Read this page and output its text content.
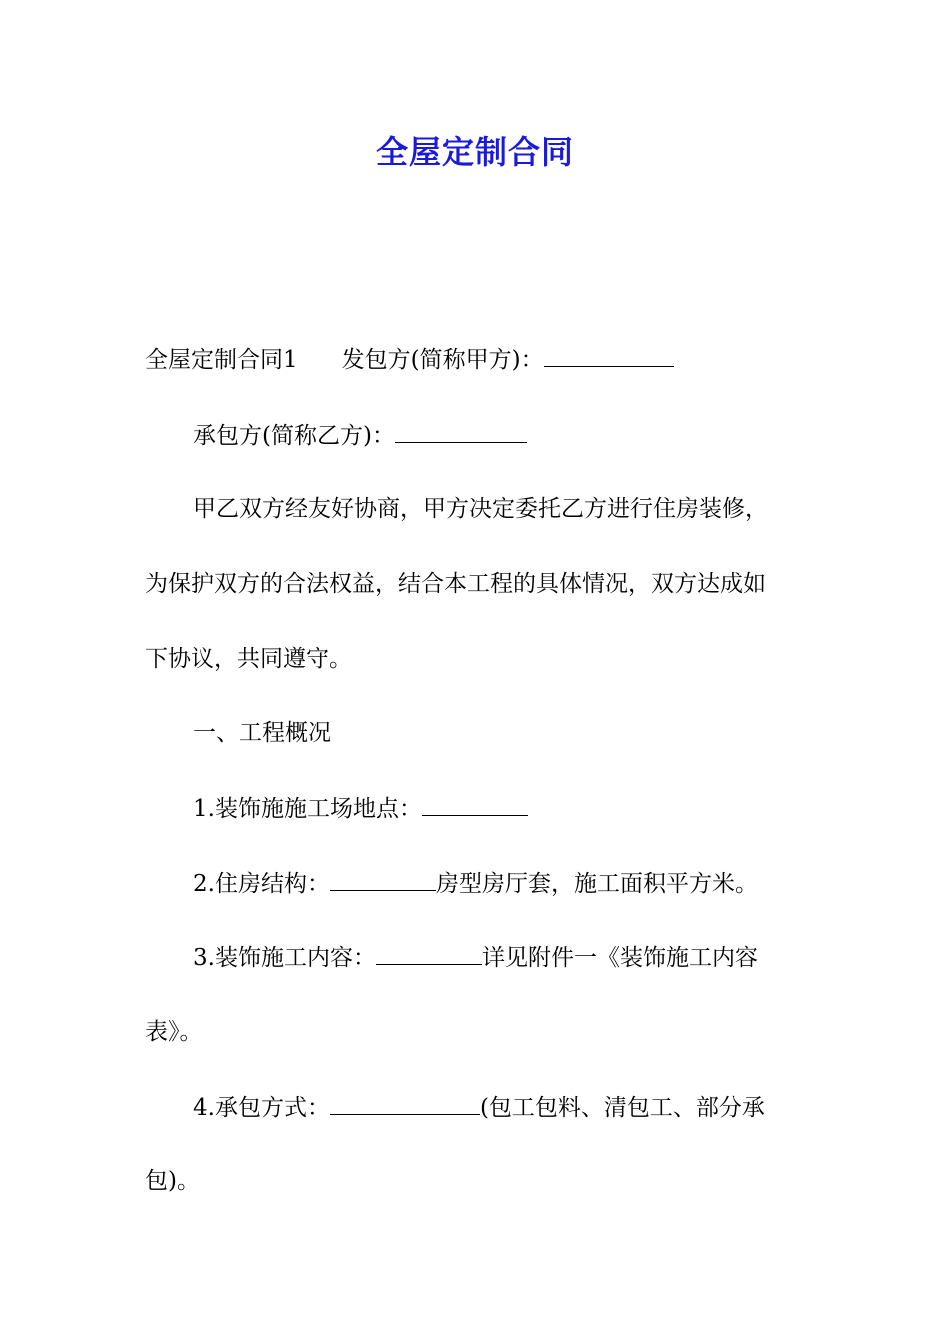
全屋定制合同
全屋定制合同1 发包方(简称甲方)：
承包方(简称乙方)：
甲乙双方经友好协商，甲方决定委托乙方进行住房装修，
为保护双方的合法权益，结合本工程的具体情况，双方达成如
下协议，共同遵守。
一、工程概况
1.装饰施施工场地点：
2.住房结构：	房型房厅套，施工面积平方米。
3.装饰施工内容：	详见附件一《装饰施工内容
表》。
4.承包方式：	(包工包料、清包工、部分承
包)。
